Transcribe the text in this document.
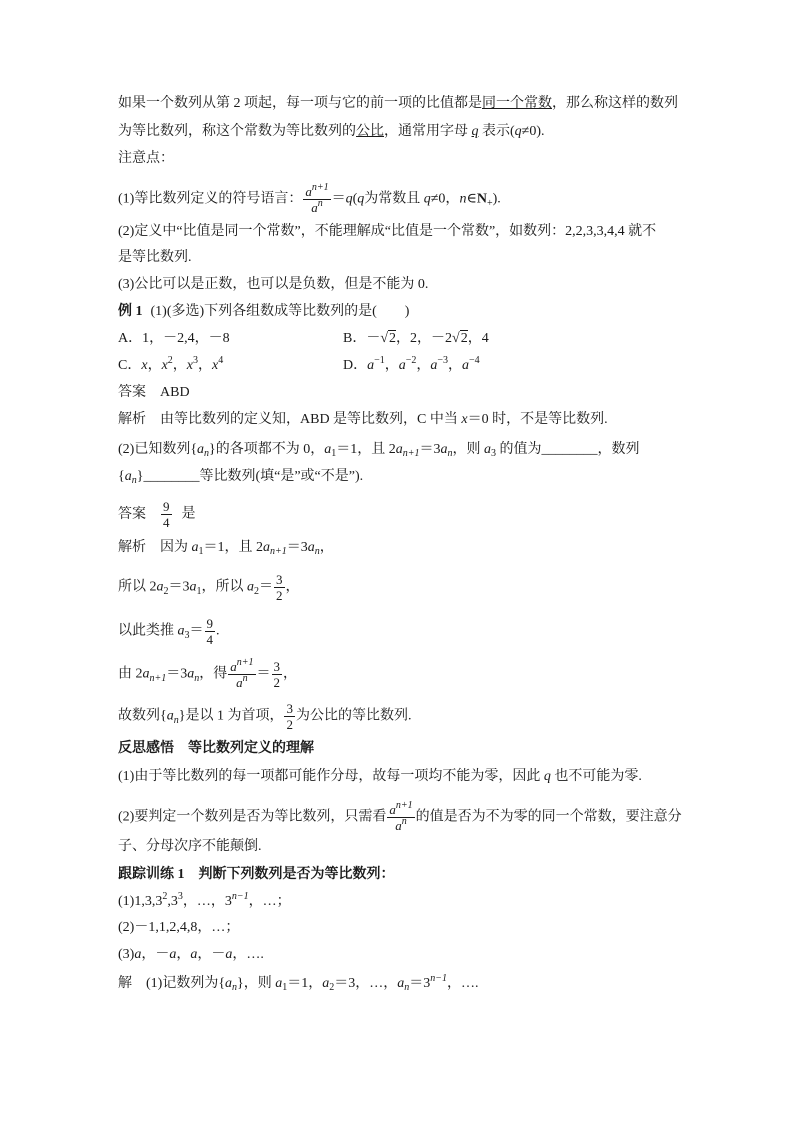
如果一个数列从第 2 项起，每一项与它的前一项的比值都是同一个常数，那么称这样的数列
为等比数列，称这个常数为等比数列的公比，通常用字母 q 表示(q≠0).
注意点：
(1)等比数列定义的符号语言： $\frac{a^{n+1}}{a^n} =q(q$为常数且 q≠0，$n\in N_+$).
(2)定义中“比值是同一个常数”，不能理解成“比值是一个常数”，如数列：2,2,3,3,4,4 就不
是等比数列.
(3)公比可以是正数，也可以是负数，但是不能为 0.
例 1 (1)(多选)下列各组数成等比数列的是(　　)
A．1，－2,4，－8	B．－√2，2，－2√2，4
C．x，$x^2$，$x^3$，$x^4$	D．$a^{-1}$，$a^{-2}$，$a^{-3}$，$a^{-4}$
答案 ABD
解析 由等比数列的定义知，ABD 是等比数列，C 中当 x＝0 时，不是等比数列.
(2)已知数列$\{a_n\}$的各项都不为 0，$a_1=1$，且 $2a_{n+1}=3a_n$，则 $a_3$ 的值为________，数列
$\{a_n\}\_\_\_\_\_\_\_\_$等比数列(填“是”或“不是”).
答案 $\frac{9}{4}$ 是
解析 因为 $a_1=1$，且 $2a_{n+1}=3a_n$，
所以 $2a_2=3a_1$，所以 $a_2= \frac{3}{2}$ ，
以此类推 $a_3= \frac{9}{4}$ .
由 $2a_{n+1}=3a_n$，得 $\frac{a^{n+1}}{a^n} = \frac{3}{2}$ ，
故数列$\{a_n\}$是以 1 为首项， $\frac{3}{2}$ 为公比的等比数列.
反思感悟 等比数列定义的理解
(1)由于等比数列的每一项都可能作分母，故每一项均不能为零，因此 q 也不可能为零.
(2)要判定一个数列是否为等比数列，只需看 $\frac{a^{n+1}}{a^n}$ 的值是否为不为零的同一个常数，要注意分
子、分母次序不能颠倒.
跟踪训练 1 判断下列数列是否为等比数列：
$(1)1,3,3^2,3^3$，…，$3^{n-1}$，…；
(2)－1,1,2,4,8，…；
(3)a，－a，a，－a，….
解 (1)记数列为$\{a_n\}$，则 $a_1=1$，$a_2=3$，…，$a_n=3^{n-1}$，….
